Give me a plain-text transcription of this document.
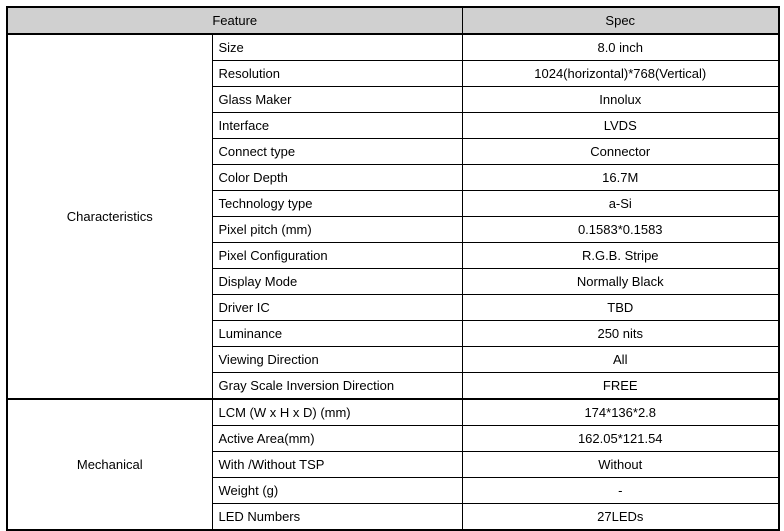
Feature		Spec
Characteristics	Size	8.0 inch
	Resolution	1024(horizontal)*768(Vertical)
	Glass Maker	Innolux
	Interface	LVDS
	Connect type	Connector
	Color Depth	16.7M
	Technology type	a-Si
	Pixel pitch (mm)	0.1583*0.1583
	Pixel Configuration	R.G.B. Stripe
	Display Mode	Normally Black
	Driver IC	TBD
	Luminance	250 nits
	Viewing Direction	All
	Gray Scale Inversion Direction	FREE
Mechanical	LCM (W x H x D) (mm)	174*136*2.8
	Active Area(mm)	162.05*121.54
	With /Without TSP	Without
	Weight (g)	-
	LED Numbers	27LEDs
